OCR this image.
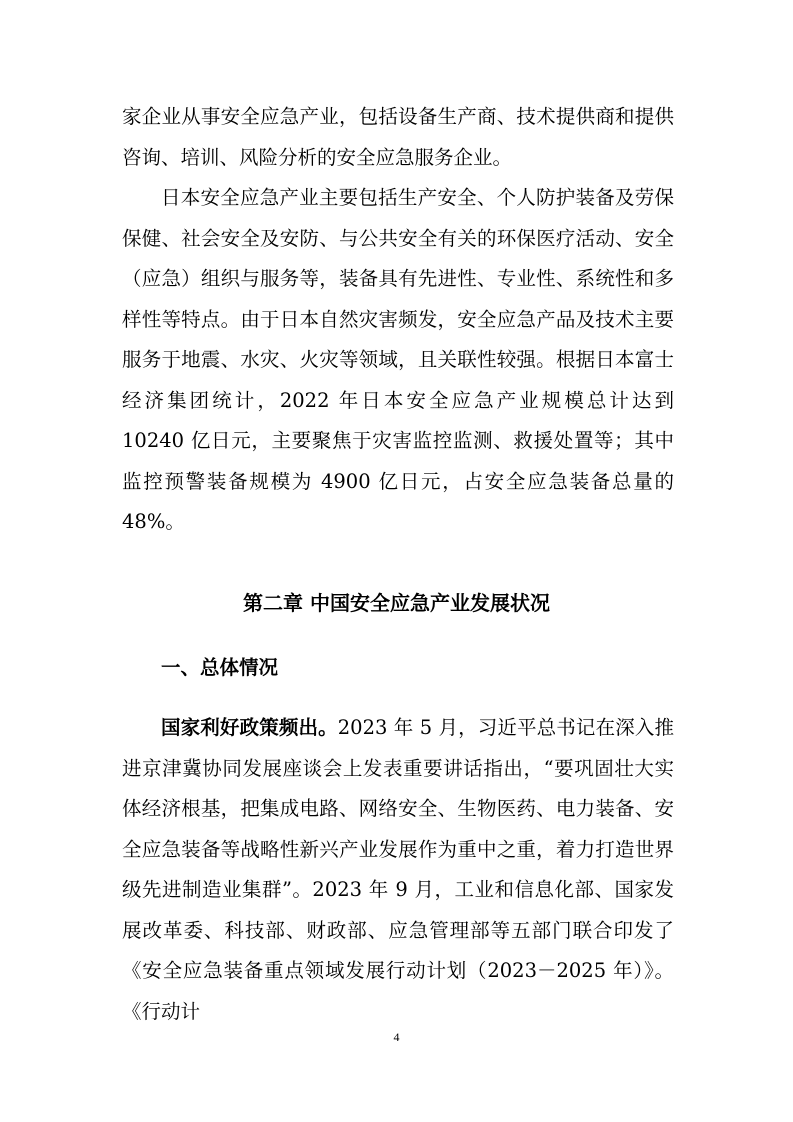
家企业从事安全应急产业，包括设备生产商、技术提供商和提供咨询、培训、风险分析的安全应急服务企业。

日本安全应急产业主要包括生产安全、个人防护装备及劳保保健、社会安全及安防、与公共安全有关的环保医疗活动、安全（应急）组织与服务等，装备具有先进性、专业性、系统性和多样性等特点。由于日本自然灾害频发，安全应急产品及技术主要服务于地震、水灾、火灾等领域，且关联性较强。根据日本富士经济集团统计，2022 年日本安全应急产业规模总计达到 10240 亿日元，主要聚焦于灾害监控监测、救援处置等；其中监控预警装备规模为 4900 亿日元，占安全应急装备总量的 48%。

第二章 中国安全应急产业发展状况
一、总体情况

国家利好政策频出。2023 年 5 月，习近平总书记在深入推进京津冀协同发展座谈会上发表重要讲话指出，“要巩固壮大实体经济根基，把集成电路、网络安全、生物医药、电力装备、安全应急装备等战略性新兴产业发展作为重中之重，着力打造世界级先进制造业集群”。2023 年 9 月，工业和信息化部、国家发展改革委、科技部、财政部、应急管理部等五部门联合印发了《安全应急装备重点领域发展行动计划（2023－2025 年）》。《行动计

4
